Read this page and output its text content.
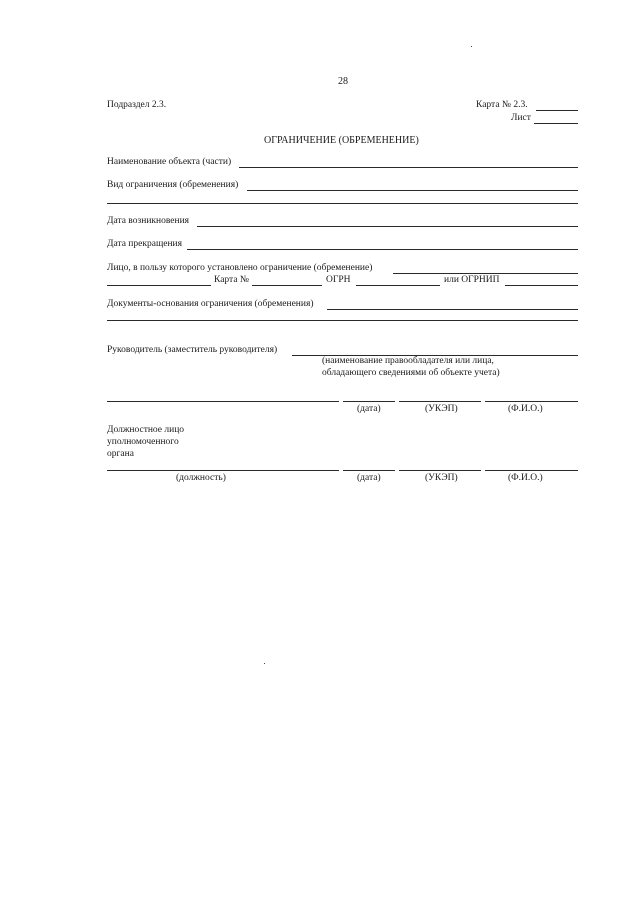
28
Подраздел 2.3.	Карта № 2.3.
Лист
ОГРАНИЧЕНИЕ (ОБРЕМЕНЕНИЕ)
Наименование объекта (части)
Вид ограничения (обременения)
Дата возникновения
Дата прекращения
Лицо, в пользу которого установлено ограничение (обременение)
Карта №	ОГРН	или ОГРНИП
Документы-основания ограничения (обременения)
Руководитель (заместитель руководителя)
(наименование правообладателя или лица,
обладающего сведениями об объекте учета)
(дата)	(УКЭП)	(Ф.И.О.)
Должностное лицо
уполномоченного
органа
(должность)	(дата)	(УКЭП)	(Ф.И.О.)
